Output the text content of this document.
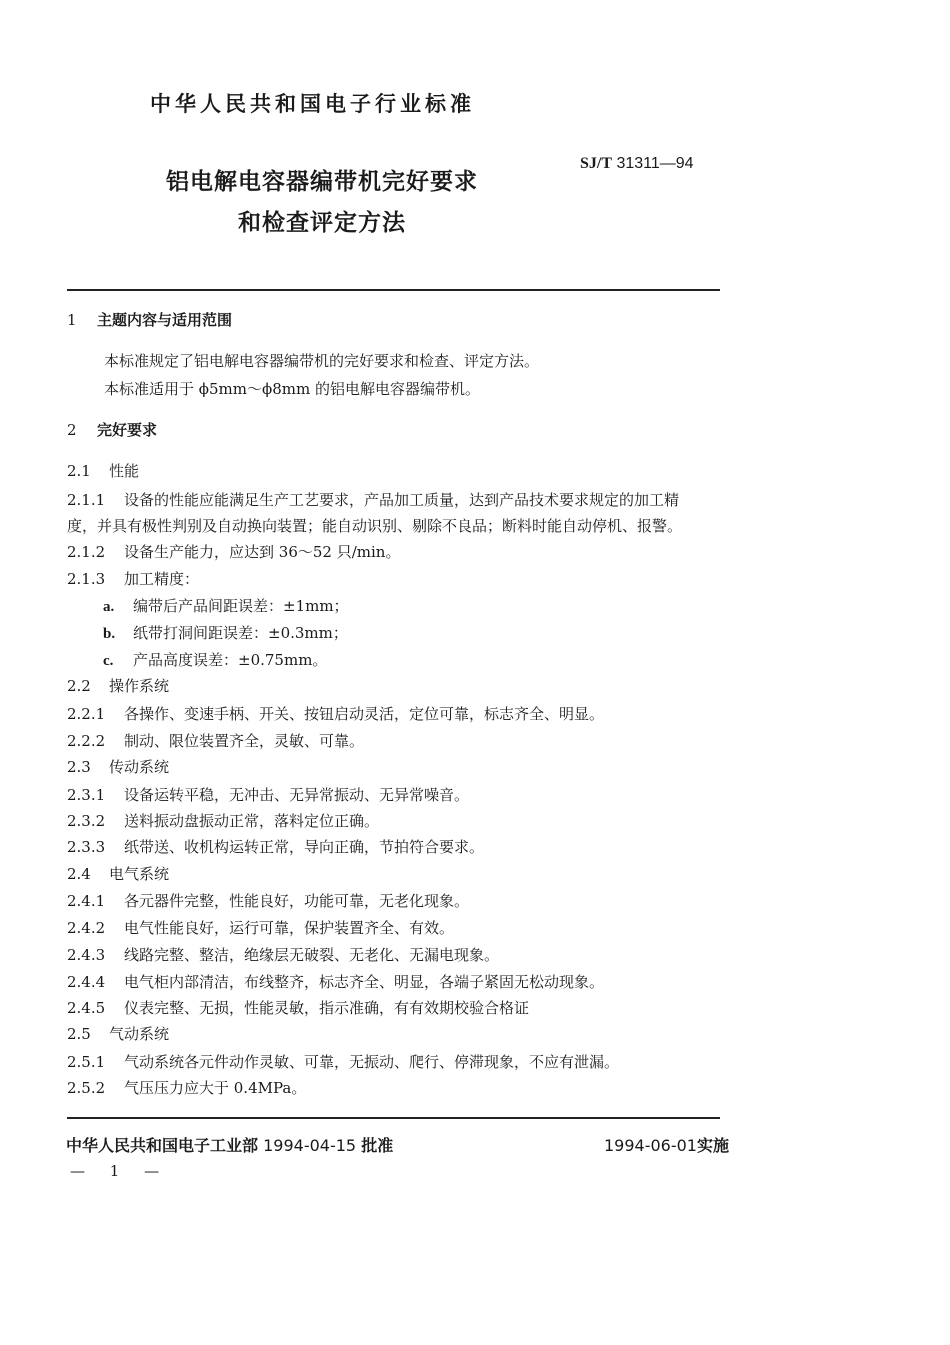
中华人民共和国电子行业标准
铝电解电容器编带机完好要求
和检查评定方法
SJ/T 31311—94
1 主题内容与适用范围
本标准规定了铝电解电容器编带机的完好要求和检查、评定方法。
本标准适用于 ϕ5mm～ϕ8mm 的铝电解电容器编带机。
2 完好要求
2.1 性能
2.1.1 设备的性能应能满足生产工艺要求，产品加工质量，达到产品技术要求规定的加工精
度，并具有极性判别及自动换向装置；能自动识别、剔除不良品；断料时能自动停机、报警。
2.1.2 设备生产能力，应达到 36～52 只/min。
2.1.3 加工精度：
a. 编带后产品间距误差：±1mm；
b. 纸带打洞间距误差：±0.3mm；
c. 产品高度误差：±0.75mm。
2.2 操作系统
2.2.1 各操作、变速手柄、开关、按钮启动灵活，定位可靠，标志齐全、明显。
2.2.2 制动、限位装置齐全，灵敏、可靠。
2.3 传动系统
2.3.1 设备运转平稳，无冲击、无异常振动、无异常噪音。
2.3.2 送料振动盘振动正常，落料定位正确。
2.3.3 纸带送、收机构运转正常，导向正确，节拍符合要求。
2.4 电气系统
2.4.1 各元器件完整，性能良好，功能可靠，无老化现象。
2.4.2 电气性能良好，运行可靠，保护装置齐全、有效。
2.4.3 线路完整、整洁，绝缘层无破裂、无老化、无漏电现象。
2.4.4 电气柜内部清洁，布线整齐，标志齐全、明显，各端子紧固无松动现象。
2.4.5 仪表完整、无损，性能灵敏，指示准确，有有效期校验合格证
2.5 气动系统
2.5.1 气动系统各元件动作灵敏、可靠，无振动、爬行、停滞现象，不应有泄漏。
2.5.2 气压压力应大于 0.4MPa。
中华人民共和国电子工业部 1994-04-15 批准	1994-06-01实施
— 1 —
